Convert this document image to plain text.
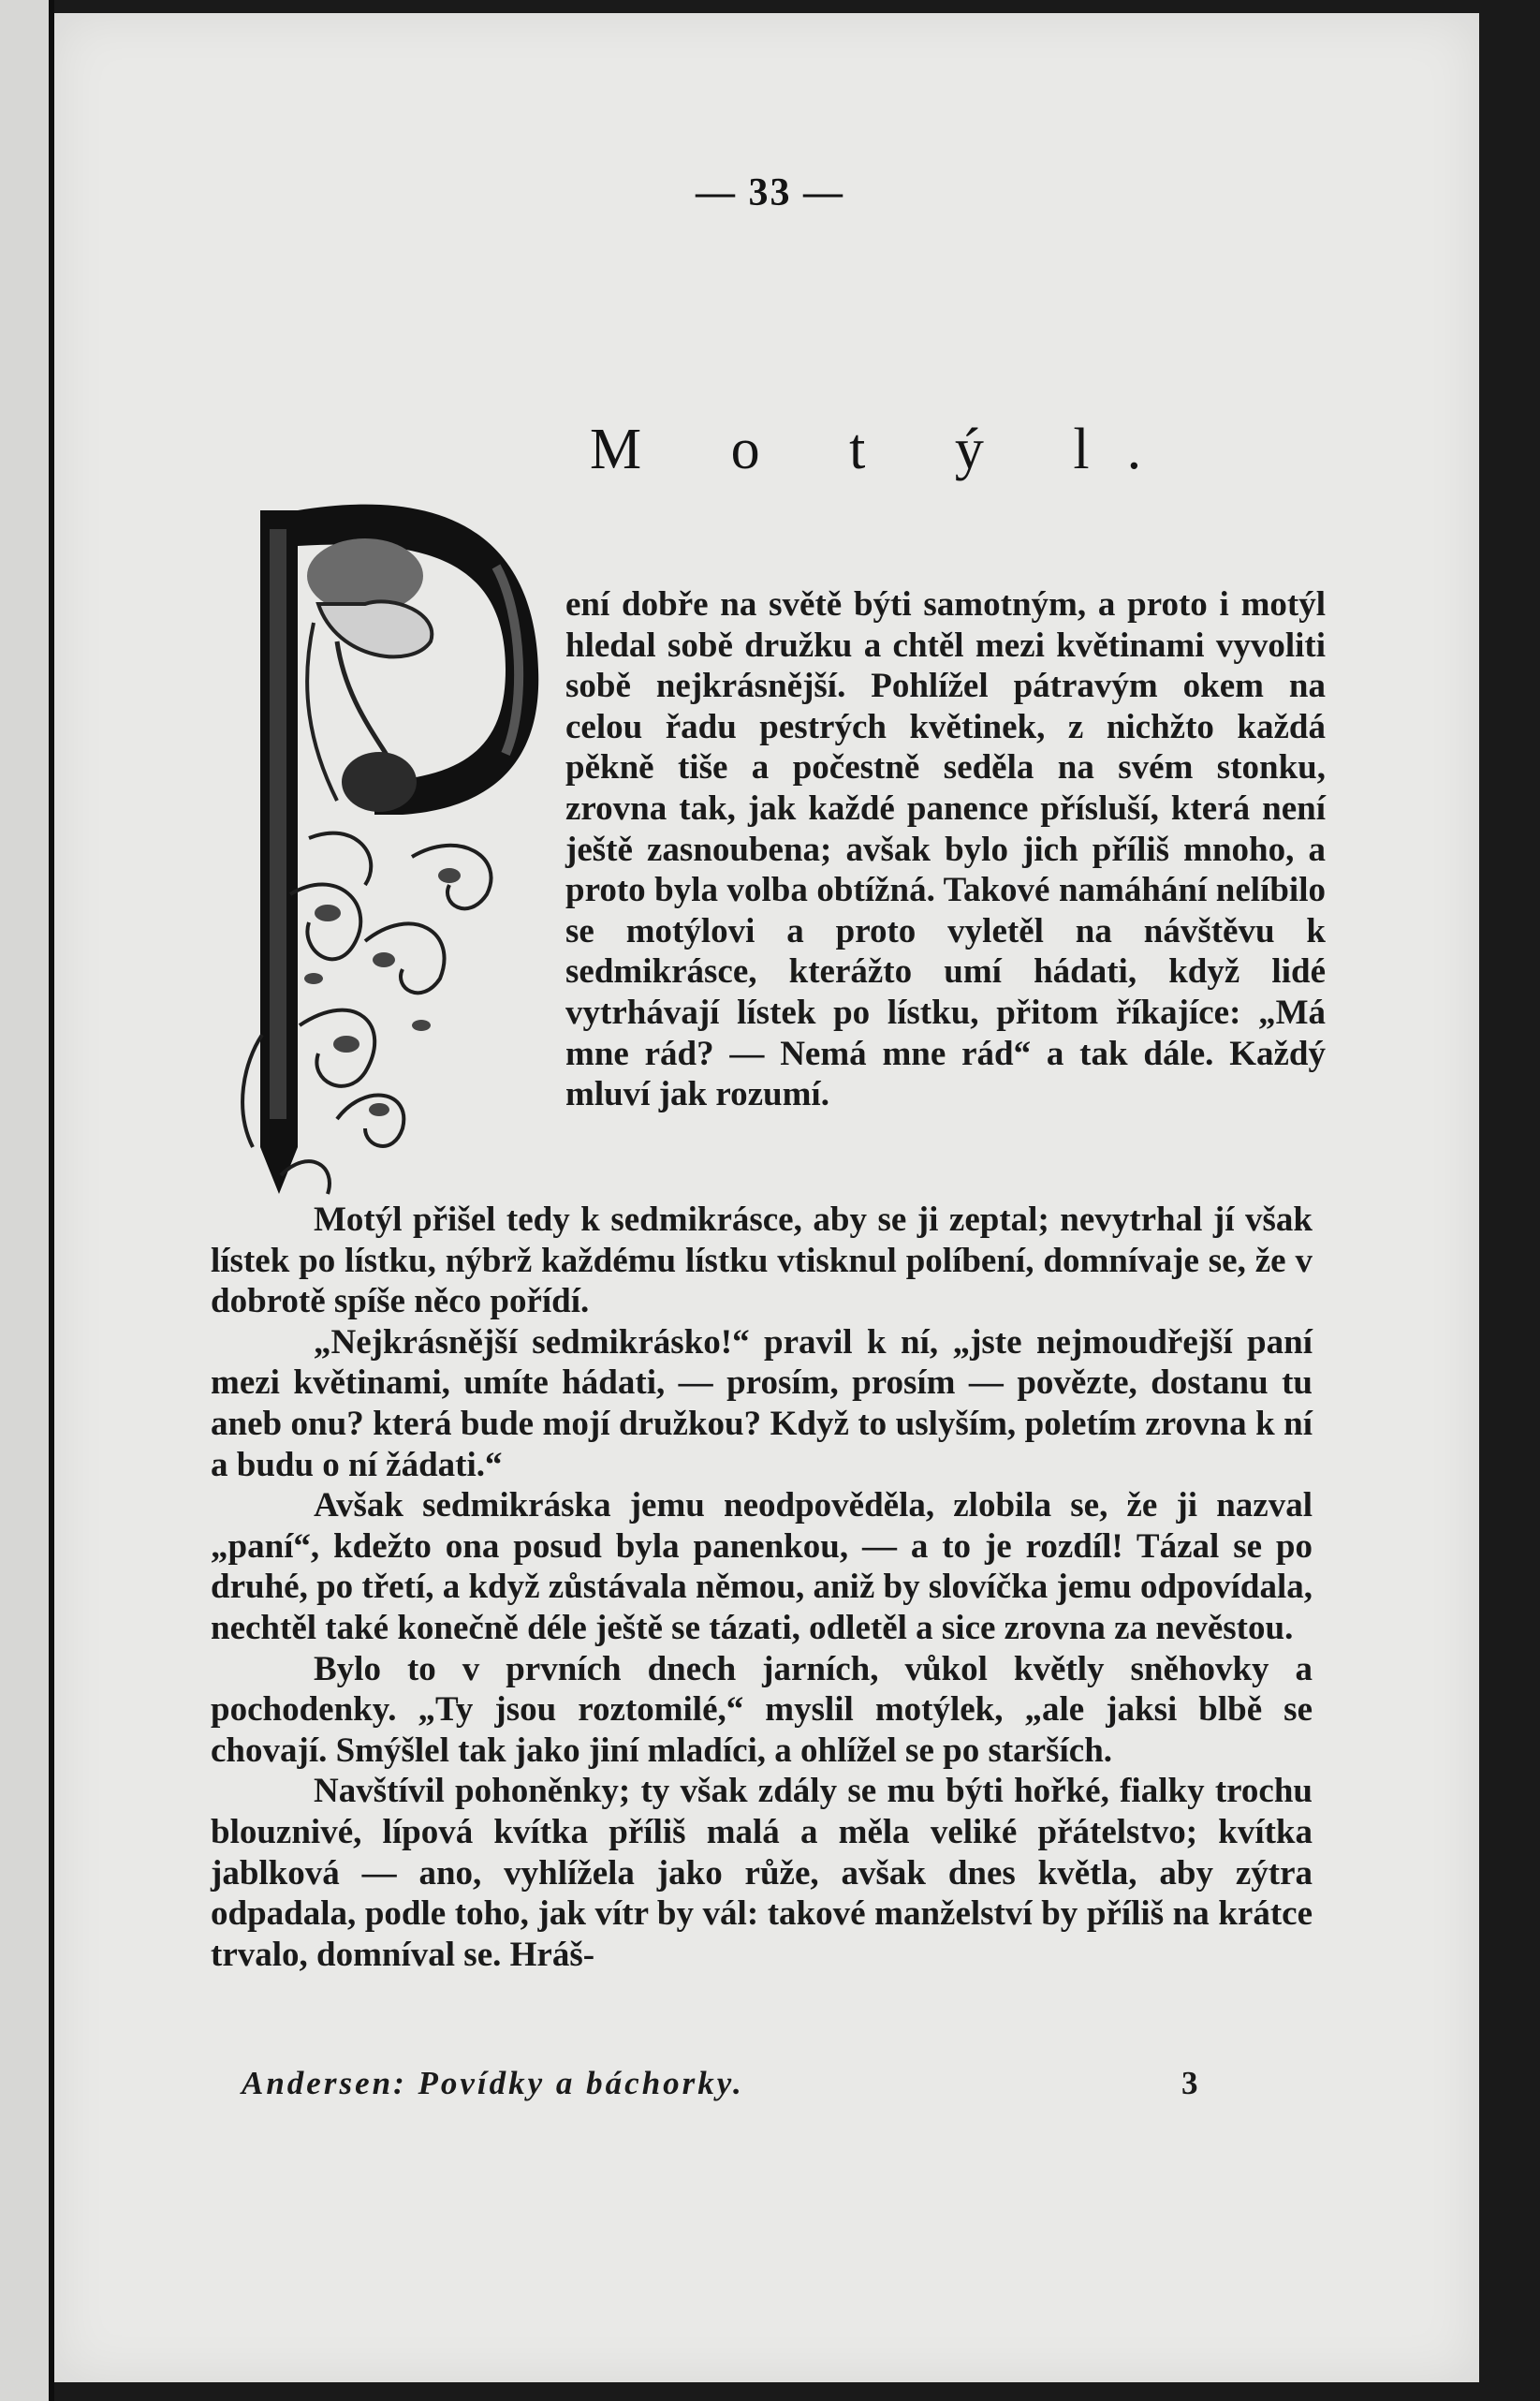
— 33 —
M o t ý l.

ení dobře na světě býti samotným, a proto i motýl hledal sobě družku a chtěl mezi květinami vyvoliti sobě nejkrásnější. Pohlížel pátravým okem na celou řadu pestrých květinek, z nichžto každá pěkně tiše a počestně seděla na svém stonku, zrovna tak, jak každé panence přísluší, která není ještě zasnoubena; avšak bylo jich příliš mnoho, a proto byla volba obtížná. Takové namáhání nelíbilo se motýlovi a proto vyletěl na návštěvu k sedmikrásce, kterážto umí hádati, když lidé vytrhávají lístek po lístku, přitom říkajíce: „Má mne rád? — Nemá mne rád“ a tak dále. Každý mluví jak rozumí.

Motýl přišel tedy k sedmikrásce, aby se ji zeptal; nevytrhal jí však lístek po lístku, nýbrž každému lístku vtisknul políbení, domnívaje se, že v dobrotě spíše něco pořídí.

„Nejkrásnější sedmikrásko!“ pravil k ní, „jste nejmoudřejší paní mezi květinami, umíte hádati, — prosím, prosím — povězte, dostanu tu aneb onu? která bude mojí družkou? Když to uslyším, poletím zrovna k ní a budu o ní žádati.“

Avšak sedmikráska jemu neodpověděla, zlobila se, že ji nazval „paní“, kdežto ona posud byla panenkou, — a to je rozdíl! Tázal se po druhé, po třetí, a když zůstávala němou, aniž by slovíčka jemu odpovídala, nechtěl také konečně déle ještě se tázati, odletěl a sice zrovna za nevěstou.

Bylo to v prvních dnech jarních, vůkol květly sněhovky a pochodenky. „Ty jsou roztomilé,“ myslil motýlek, „ale jaksi blbě se chovají. Smýšlel tak jako jiní mladíci, a ohlížel se po starších.

Navštívil pohoněnky; ty však zdály se mu býti hořké, fialky trochu blouznivé, lípová kvítka příliš malá a měla veliké přátelstvo; kvítka jablková — ano, vyhlížela jako růže, avšak dnes květla, aby zýtra odpadala, podle toho, jak vítr by vál: takové manželství by příliš na krátce trvalo, domníval se. Hráš-

Andersen: Povídky a báchorky.	3
